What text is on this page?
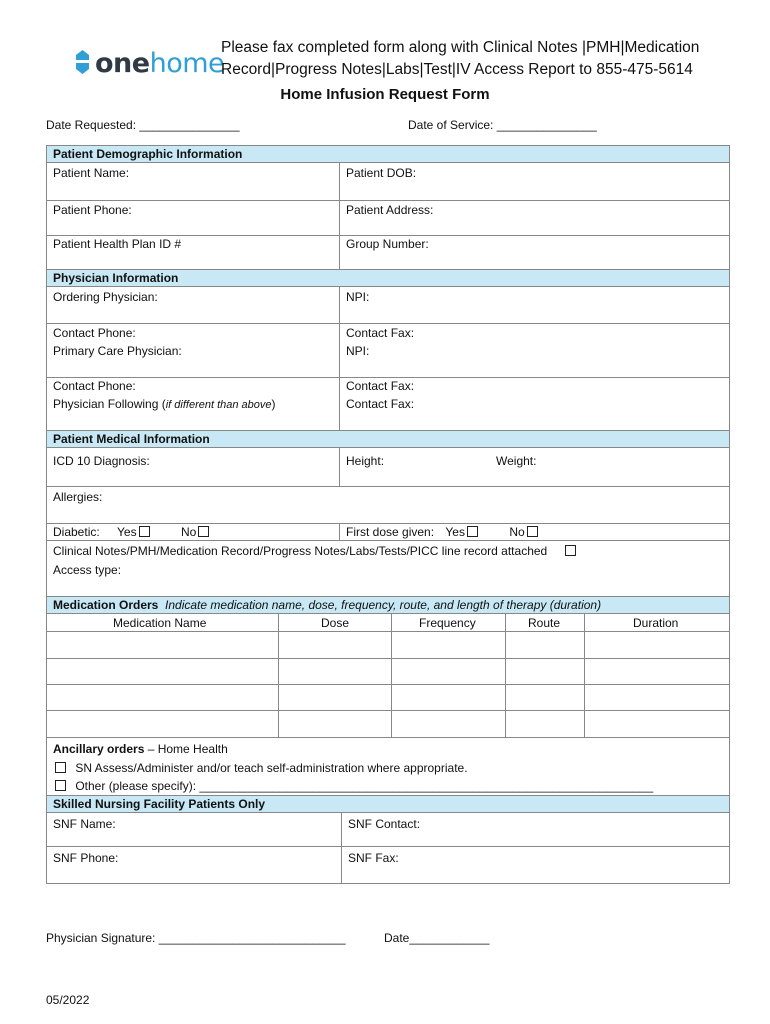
onehome
Please fax completed form along with Clinical Notes |PMH|Medication Record|Progress Notes|Labs|Test|IV Access Report to 855-475-5614
Home Infusion Request Form
Date Requested: _______________	Date of Service: _______________
Patient Demographic Information
Patient Name:	Patient DOB:
Patient Phone:	Patient Address:
Patient Health Plan ID #	Group Number:
Physician Information
Ordering Physician:	NPI:
Contact Phone:	Contact Fax:
Primary Care Physician:	NPI:
Contact Phone:	Contact Fax:
Physician Following (if different than above)	Contact Fax:
Patient Medical Information
ICD 10 Diagnosis:	Height:	Weight:
Allergies:
Diabetic: Yes	No	First dose given: Yes	No
Clinical Notes/PMH/Medication Record/Progress Notes/Labs/Tests/PICC line record attached
Access type:
Medication Orders Indicate medication name, dose, frequency, route, and length of therapy (duration)
Medication Name	Dose	Frequency	Route	Duration
Ancillary orders – Home Health
SN Assess/Administer and/or teach self-administration where appropriate.
Other (please specify): ____________________________________________________________________
Skilled Nursing Facility Patients Only
SNF Name:	SNF Contact:
SNF Phone:	SNF Fax:
Physician Signature: ____________________________	Date____________
05/2022
